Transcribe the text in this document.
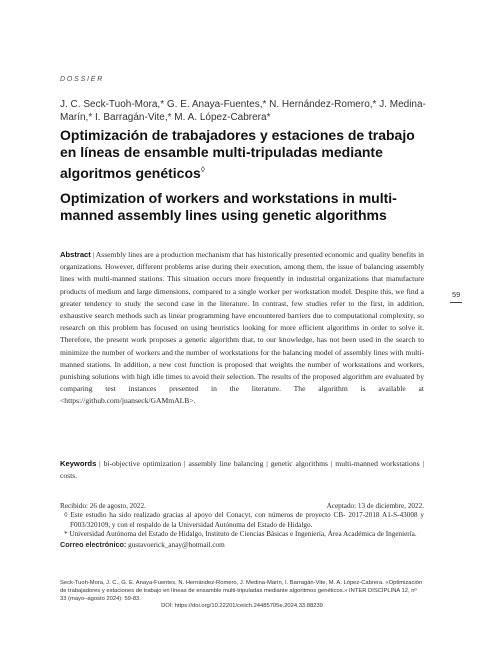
DOSSIER
J. C. Seck-Tuoh-Mora,* G. E. Anaya-Fuentes,* N. Hernández-Romero,* J. Medina-Marín,* I. Barragán-Vite,* M. A. López-Cabrera*
Optimización de trabajadores y estaciones de trabajo en líneas de ensamble multi-tripuladas mediante algoritmos genéticos◊
Optimization of workers and workstations in multi-manned assembly lines using genetic algorithms
59
Abstract | Assembly lines are a production mechanism that has historically presented economic and quality benefits in organizations. However, different problems arise during their execution, among them, the issue of balancing assembly lines with multi-manned stations. This situation occurs more frequently in industrial organizations that manufacture products of medium and large dimensions, compared to a single worker per workstation model. Despite this, we find a greater tendency to study the second case in the literature. In contrast, few studies refer to the first, in addition, exhaustive search methods such as linear programming have encountered barriers due to computational complexity, so research on this problem has focused on using heuristics looking for more efficient algorithms in order to solve it. Therefore, the present work proposes a genetic algorithm that, to our knowledge, has not been used in the search to minimize the number of workers and the number of workstations for the balancing model of assembly lines with multi-manned stations. In addition, a new cost function is proposed that weights the number of workstations and workers, punishing solutions with high idle times to avoid their selection. The results of the proposed algorithm are evaluated by comparing test instances presented in the literature. The algorithm is available at <https://github.com/juanseck/GAMmALB>.
Keywords | bi-objective optimization | assembly line balancing | genetic algorithms | multi-manned workstations | costs.
Recibido: 26 de agosto, 2022.	Aceptado: 13 de diciembre, 2022.
◊ Este estudio ha sido realizado gracias al apoyo del Conacyt, con números de proyecto CB- 2017-2018 A1-S-43008 y F003/320109, y con el respaldo de la Universidad Autónoma del Estado de Hidalgo.
* Universidad Autónoma del Estado de Hidalgo, Instituto de Ciencias Básicas e Ingeniería, Área Académica de Ingeniería.
Correo electrónico: gustavoerick_anay@hotmail.com
Seck-Tuoh-Mora, J. C., G. E. Anaya-Fuentes, N. Hernández-Romero, J. Medina-Marín, I. Barragán-Vite, M. A. López-Cabrera. «Optimización de trabajadores y estaciones de trabajo en líneas de ensamble multi-tripuladas mediante algoritmos genéticos.» INTER DISCIPLINA 12, nº 33 (mayo–agosto 2024): 59-83.
DOI: https://doi.org/10.22201/ceiich.24485705e.2024.33.88239
